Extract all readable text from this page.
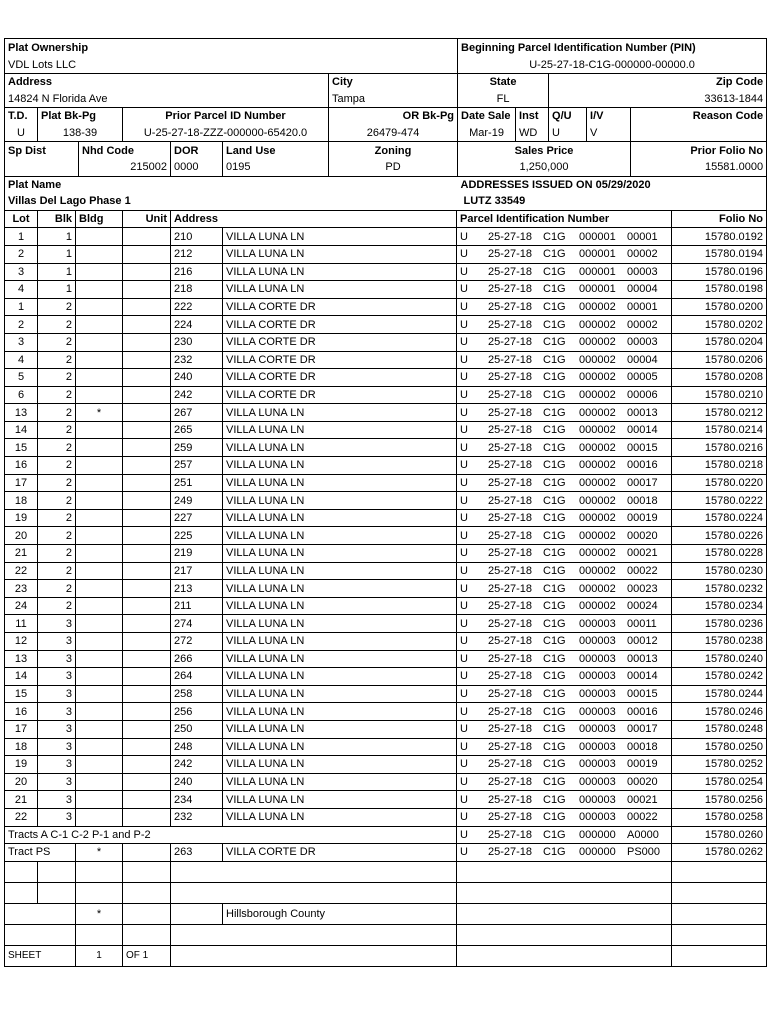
Plat Ownership							Beginning Parcel Identification Number (PIN)				
VDL Lots LLC							U-25-27-18-C1G-000000-00000.0				
Address						City	State		Zip Code		
14824 N Florida Ave						Tampa	FL		33613-1844		
T.D.	Plat Bk-Pg		Prior Parcel ID Number			OR Bk-Pg	Date Sale	Inst	Q/U	I/V	Reason Code
U	138-39		U-25-27-18-ZZZ-000000-65420.0			26479-474	Mar-19	WD	U	V	
Sp Dist		Nhd Code		DOR	Land Use	Zoning	Sales Price				Prior Folio No
		215002		0000	0195	PD	1,250,000				15581.0000
Plat Name							ADDRESSES ISSUED ON 05/29/2020				
Villas Del Lago Phase 1							LUTZ 33549				
Lot	Blk	Bldg	Unit	Address		Parcel Identification Number	Folio No
1	1			210	VILLA LUNA LN	U 25-27-18 C1G 000001 00001	15780.0192
2	1			212	VILLA LUNA LN	U 25-27-18 C1G 000001 00002	15780.0194
3	1			216	VILLA LUNA LN	U 25-27-18 C1G 000001 00003	15780.0196
4	1			218	VILLA LUNA LN	U 25-27-18 C1G 000001 00004	15780.0198
1	2			222	VILLA CORTE DR	U 25-27-18 C1G 000002 00001	15780.0200
2	2			224	VILLA CORTE DR	U 25-27-18 C1G 000002 00002	15780.0202
3	2			230	VILLA CORTE DR	U 25-27-18 C1G 000002 00003	15780.0204
4	2			232	VILLA CORTE DR	U 25-27-18 C1G 000002 00004	15780.0206
5	2			240	VILLA CORTE DR	U 25-27-18 C1G 000002 00005	15780.0208
6	2			242	VILLA CORTE DR	U 25-27-18 C1G 000002 00006	15780.0210
13	2	*		267	VILLA LUNA LN	U 25-27-18 C1G 000002 00013	15780.0212
14	2			265	VILLA LUNA LN	U 25-27-18 C1G 000002 00014	15780.0214
15	2			259	VILLA LUNA LN	U 25-27-18 C1G 000002 00015	15780.0216
16	2			257	VILLA LUNA LN	U 25-27-18 C1G 000002 00016	15780.0218
17	2			251	VILLA LUNA LN	U 25-27-18 C1G 000002 00017	15780.0220
18	2			249	VILLA LUNA LN	U 25-27-18 C1G 000002 00018	15780.0222
19	2			227	VILLA LUNA LN	U 25-27-18 C1G 000002 00019	15780.0224
20	2			225	VILLA LUNA LN	U 25-27-18 C1G 000002 00020	15780.0226
21	2			219	VILLA LUNA LN	U 25-27-18 C1G 000002 00021	15780.0228
22	2			217	VILLA LUNA LN	U 25-27-18 C1G 000002 00022	15780.0230
23	2			213	VILLA LUNA LN	U 25-27-18 C1G 000002 00023	15780.0232
24	2			211	VILLA LUNA LN	U 25-27-18 C1G 000002 00024	15780.0234
11	3			274	VILLA LUNA LN	U 25-27-18 C1G 000003 00011	15780.0236
12	3			272	VILLA LUNA LN	U 25-27-18 C1G 000003 00012	15780.0238
13	3			266	VILLA LUNA LN	U 25-27-18 C1G 000003 00013	15780.0240
14	3			264	VILLA LUNA LN	U 25-27-18 C1G 000003 00014	15780.0242
15	3			258	VILLA LUNA LN	U 25-27-18 C1G 000003 00015	15780.0244
16	3			256	VILLA LUNA LN	U 25-27-18 C1G 000003 00016	15780.0246
17	3			250	VILLA LUNA LN	U 25-27-18 C1G 000003 00017	15780.0248
18	3			248	VILLA LUNA LN	U 25-27-18 C1G 000003 00018	15780.0250
19	3			242	VILLA LUNA LN	U 25-27-18 C1G 000003 00019	15780.0252
20	3			240	VILLA LUNA LN	U 25-27-18 C1G 000003 00020	15780.0254
21	3			234	VILLA LUNA LN	U 25-27-18 C1G 000003 00021	15780.0256
22	3			232	VILLA LUNA LN	U 25-27-18 C1G 000003 00022	15780.0258
Tracts A C-1 C-2 P-1 and P-2						U 25-27-18 C1G 000000 A0000	15780.0260
Tract PS		*		263	VILLA CORTE DR	U 25-27-18 C1G 000000 PS000	15780.0262

		*			Hillsborough County		

SHEET		1	OF 1				
